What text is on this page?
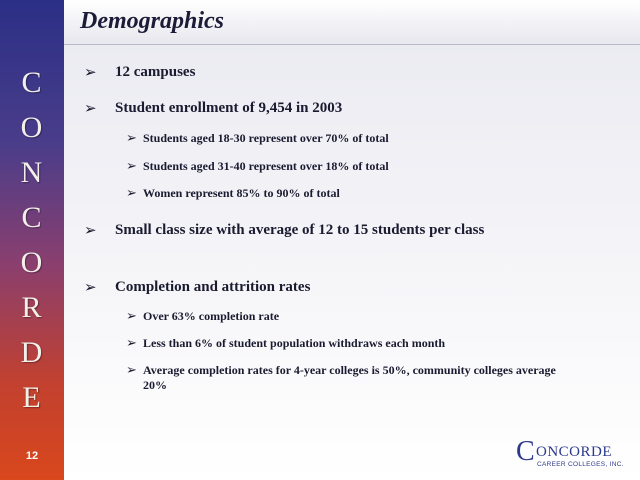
C
O
N
C
O
R
D
E
12
Demographics
➢ 12 campuses
➢ Student enrollment of 9,454 in 2003
➢ Students aged 18-30 represent over 70% of total
➢ Students aged 31-40 represent over 18% of total
➢ Women represent 85% to 90% of total
➢ Small class size with average of 12 to 15 students per class
➢ Completion and attrition rates
➢ Over 63% completion rate
➢ Less than 6% of student population withdraws each month
➢ Average completion rates for 4-year colleges is 50%, community colleges average 20%
C ONCORDE
CAREER COLLEGES, INC.
